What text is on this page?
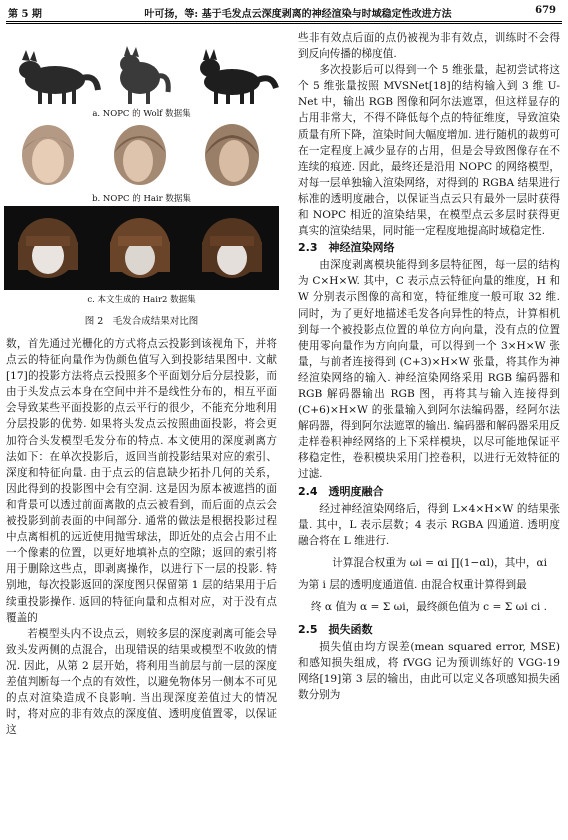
第 5 期	叶可扬，等: 基于毛发点云深度剥离的神经渲染与时域稳定性改进方法	679
a. NOPC 的 Wolf 数据集
b. NOPC 的 Hair 数据集
c. 本文生成的 Hair2 数据集
图 2　毛发合成结果对比图

数，首先通过光栅化的方式将点云投影到该视角下，并将点云的特征向量作为伪颜色值写入到投影结果图中. 文献[17]的投影方法将点云投照多个平面划分后分层投影，而由于头发点云本身在空间中并不是线性分布的，相互平面会导致某些平面投影的点云平行的很少，不能充分地利用分层投影的优势. 如果将头发点云按照曲面投影，将会更加符合头发模型毛发分布的特点. 本文使用的深度剥离方法如下：在单次投影后，返回当前投影结果对应的索引、深度和特征向量. 由于点云的信息缺少拓扑几何的关系，因此得到的投影图中会有空洞. 这是因为原本被遮挡的面和背景可以透过前面离散的点云被看到，而后面的点云会被投影到前表面的中间部分. 通常的做法是根据投影过程中点离相机的远近使用抛雪球法，即近处的点会占用不止一个像素的位置，以更好地填补点的空隙；返回的索引将用于删除这些点，即剥离操作，以进行下一层的投影. 特别地，每次投影返回的深度图只保留第 1 层的结果用于后续重投影操作. 返回的特征向量和点相对应，对于没有点覆盖的

若模型头内不设点云，则较多层的深度剥离可能会导致头发两侧的点混合，出现错误的结果或模型不收敛的情况. 因此，从第 2 层开始，将利用当前层与前一层的深度差值判断每一个点的有效性，以避免物体另一侧本不可见的点对渲染造成不良影响. 当出现深度差值过大的情况时，将对应的非有效点的深度值、透明度值置零，以保证这

些非有效点后面的点仍被视为非有效点，训练时不会得到反向传播的梯度值.

多次投影后可以得到一个 5 维张量，起初尝试将这个 5 维张量按照 MVSNet[18]的结构输入到 3 维 U-Net 中，输出 RGB 图像和阿尔法遮罩，但这样显存的占用非常大，不得不降低每个点的特征维度，导致渲染质量有所下降，渲染时间大幅度增加. 进行随机的裁剪可在一定程度上减少显存的占用，但是会导致图像存在不连续的痕迹. 因此，最终还是沿用 NOPC 的网络模型，对每一层单独输入渲染网络，对得到的 RGBA 结果进行标准的透明度融合，以保证当点云只有最外一层时获得和 NOPC 相近的渲染结果，在模型点云多层时获得更真实的渲染结果，同时能一定程度地提高时域稳定性.

2.3　神经渲染网络

由深度剥离模块能得到多层特征图，每一层的结构为 C×H×W. 其中，C 表示点云特征向量的维度，H 和 W 分别表示图像的高和宽，特征维度一般可取 32 维. 同时，为了更好地描述毛发各向异性的特点，计算相机到每一个被投影点位置的单位方向向量，没有点的位置使用零向量作为方向向量，可以得到一个 3×H×W 张量，与前者连接得到 (C+3)×H×W 张量，将其作为神经渲染网络的输入. 神经渲染网络采用 RGB 编码器和 RGB 解码器输出 RGB 图，再将其与输入连接得到 (C+6)×H×W 的张量输入到阿尔法编码器，经阿尔法解码器，得到阿尔法遮罩的输出. 编码器和解码器采用反走样卷积神经网络的上下采样模块，以尽可能地保证平移稳定性，卷积模块采用门控卷积，以进行无效特征的过滤.

2.4　透明度融合

经过神经渲染网络后，得到 L×4×H×W 的结果张量. 其中，L 表示层数；4 表示 RGBA 四通道. 透明度融合将在 L 维进行.

计算混合权重为 ωi = αi ∏(1−αl)，其中，αi

为第 i 层的透明度通道值. 由混合权重计算得到最

终 α 值为 α = Σ ωi，最终颜色值为 c = Σ ωi ci .

2.5　损失函数

损失值由均方误差(mean squared error, MSE)和感知损失组成，将 fVGG 记为预训练好的 VGG-19 网络[19]第 3 层的输出，由此可以定义各项感知损失函数分别为
